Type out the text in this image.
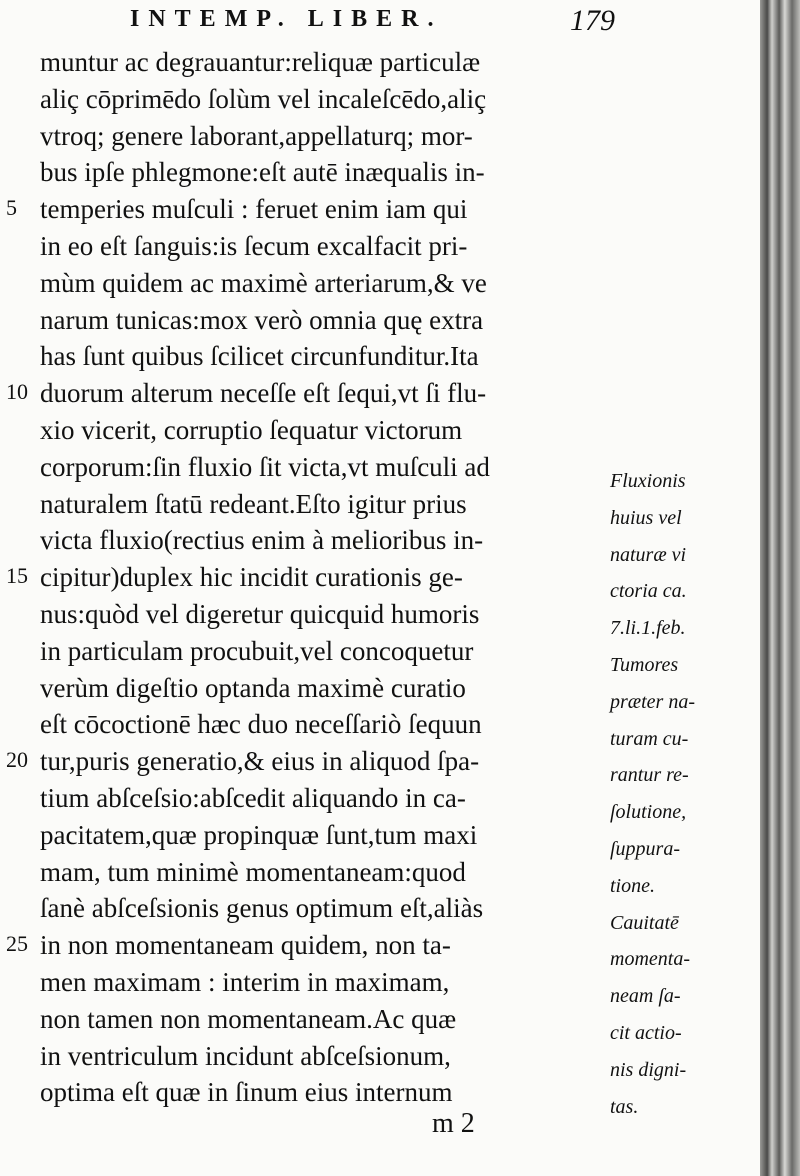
INTEMP. LIBER.	179
5
10
15
20
25
muntur ac degrauantur:reliquæ particulæ
aliç cōprimēdo ſolùm vel incaleſcēdo,aliç
vtroq; genere laborant,appellaturq; mor-
bus ipſe phlegmone:eſt autē inæqualis in-
temperies muſculi : feruet enim iam qui
in eo eſt ſanguis:is ſecum excalfacit pri-
mùm quidem ac maximè arteriarum,& ve
narum tunicas:mox verò omnia quę extra
has ſunt quibus ſcilicet circunfunditur.Ita
duorum alterum neceſſe eſt ſequi,vt ſi flu-
xio vicerit, corruptio ſequatur victorum
corporum:ſin fluxio ſit victa,vt muſculi ad
naturalem ſtatū redeant.Eſto igitur prius
victa fluxio(rectius enim à melioribus in-
cipitur)duplex hic incidit curationis ge-
nus:quòd vel digeretur quicquid humoris
in particulam procubuit,vel concoquetur
verùm digeſtio optanda maximè curatio
eſt cōcoctionē hæc duo neceſſariò ſequun
tur,puris generatio,& eius in aliquod ſpa-
tium abſceſsio:abſcedit aliquando in ca-
pacitatem,quæ propinquæ ſunt,tum maxi
mam, tum minimè momentaneam:quod
ſanè abſceſsionis genus optimum eſt,aliàs
in non momentaneam quidem, non ta-
men maximam : interim in maximam,
non tamen non momentaneam.Ac quæ
in ventriculum incidunt abſceſsionum,
optima eſt quæ in ſinum eius internum
Fluxionis
huius vel
naturæ vi
ctoria ca.
7.li.1.feb.
Tumores
præter na-
turam cu-
rantur re-
ſolutione,
ſuppura-
tione.
Cauitatē
momenta-
neam ſa-
cit actio-
nis digni-
tas.
m 2
